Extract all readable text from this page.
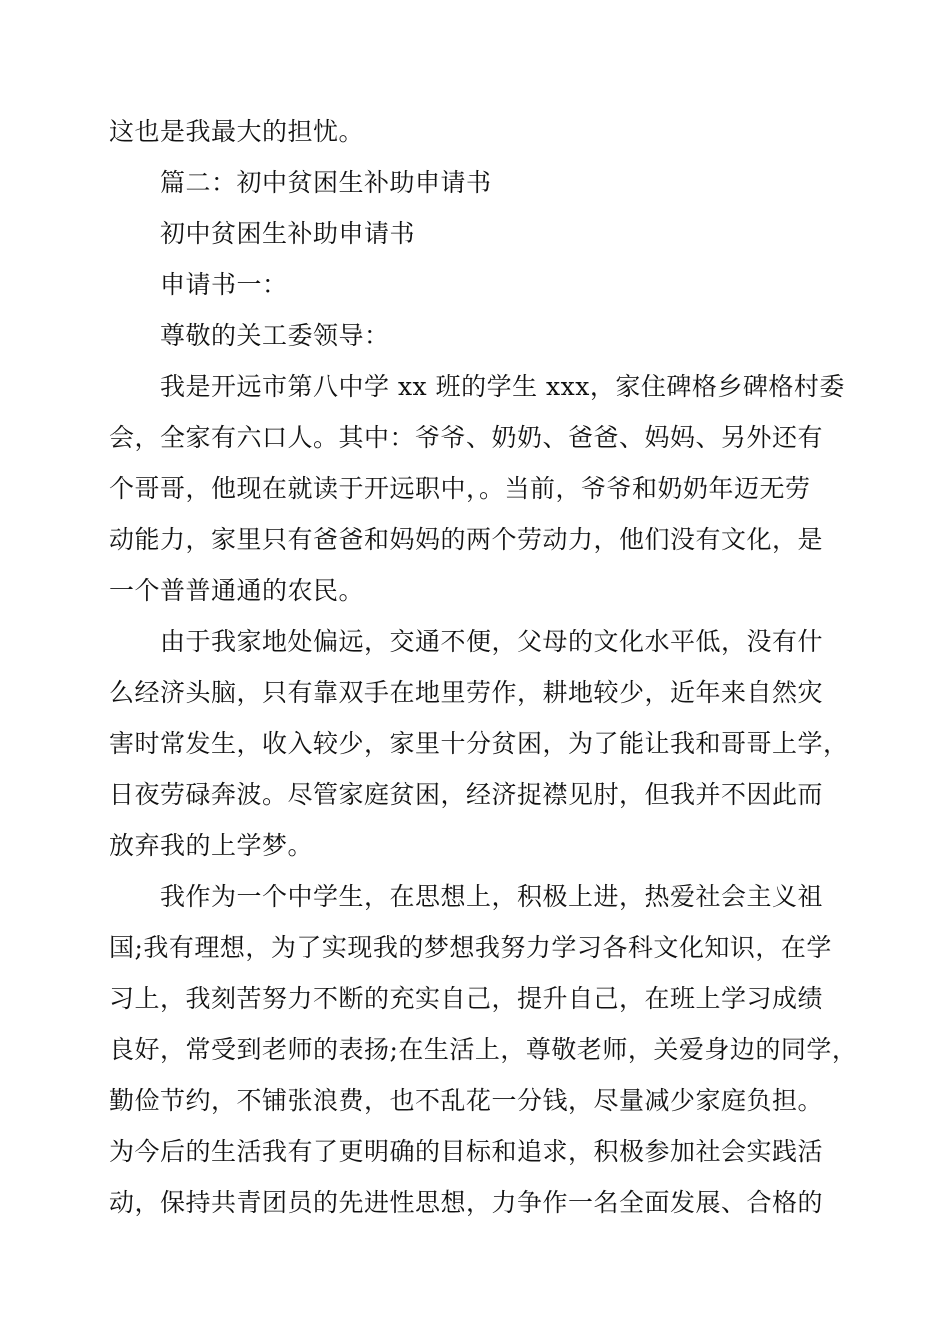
这也是我最大的担忧。
篇二：初中贫困生补助申请书
初中贫困生补助申请书
申请书一：
尊敬的关工委领导：
我是开远市第八中学 xx 班的学生 xxx，家住碑格乡碑格村委
会，全家有六口人。其中：爷爷、奶奶、爸爸、妈妈、另外还有
个哥哥，他现在就读于开远职中，。当前，爷爷和奶奶年迈无劳
动能力，家里只有爸爸和妈妈的两个劳动力，他们没有文化，是
一个普普通通的农民。
由于我家地处偏远，交通不便，父母的文化水平低，没有什
么经济头脑，只有靠双手在地里劳作，耕地较少，近年来自然灾
害时常发生，收入较少，家里十分贫困，为了能让我和哥哥上学，
日夜劳碌奔波。尽管家庭贫困，经济捉襟见肘，但我并不因此而
放弃我的上学梦。
我作为一个中学生，在思想上，积极上进，热爱社会主义祖
国;我有理想，为了实现我的梦想我努力学习各科文化知识，在学
习上，我刻苦努力不断的充实自己，提升自己，在班上学习成绩
良好，常受到老师的表扬;在生活上，尊敬老师，关爱身边的同学，
勤俭节约，不铺张浪费，也不乱花一分钱，尽量减少家庭负担。
为今后的生活我有了更明确的目标和追求，积极参加社会实践活
动，保持共青团员的先进性思想，力争作一名全面发展、合格的
